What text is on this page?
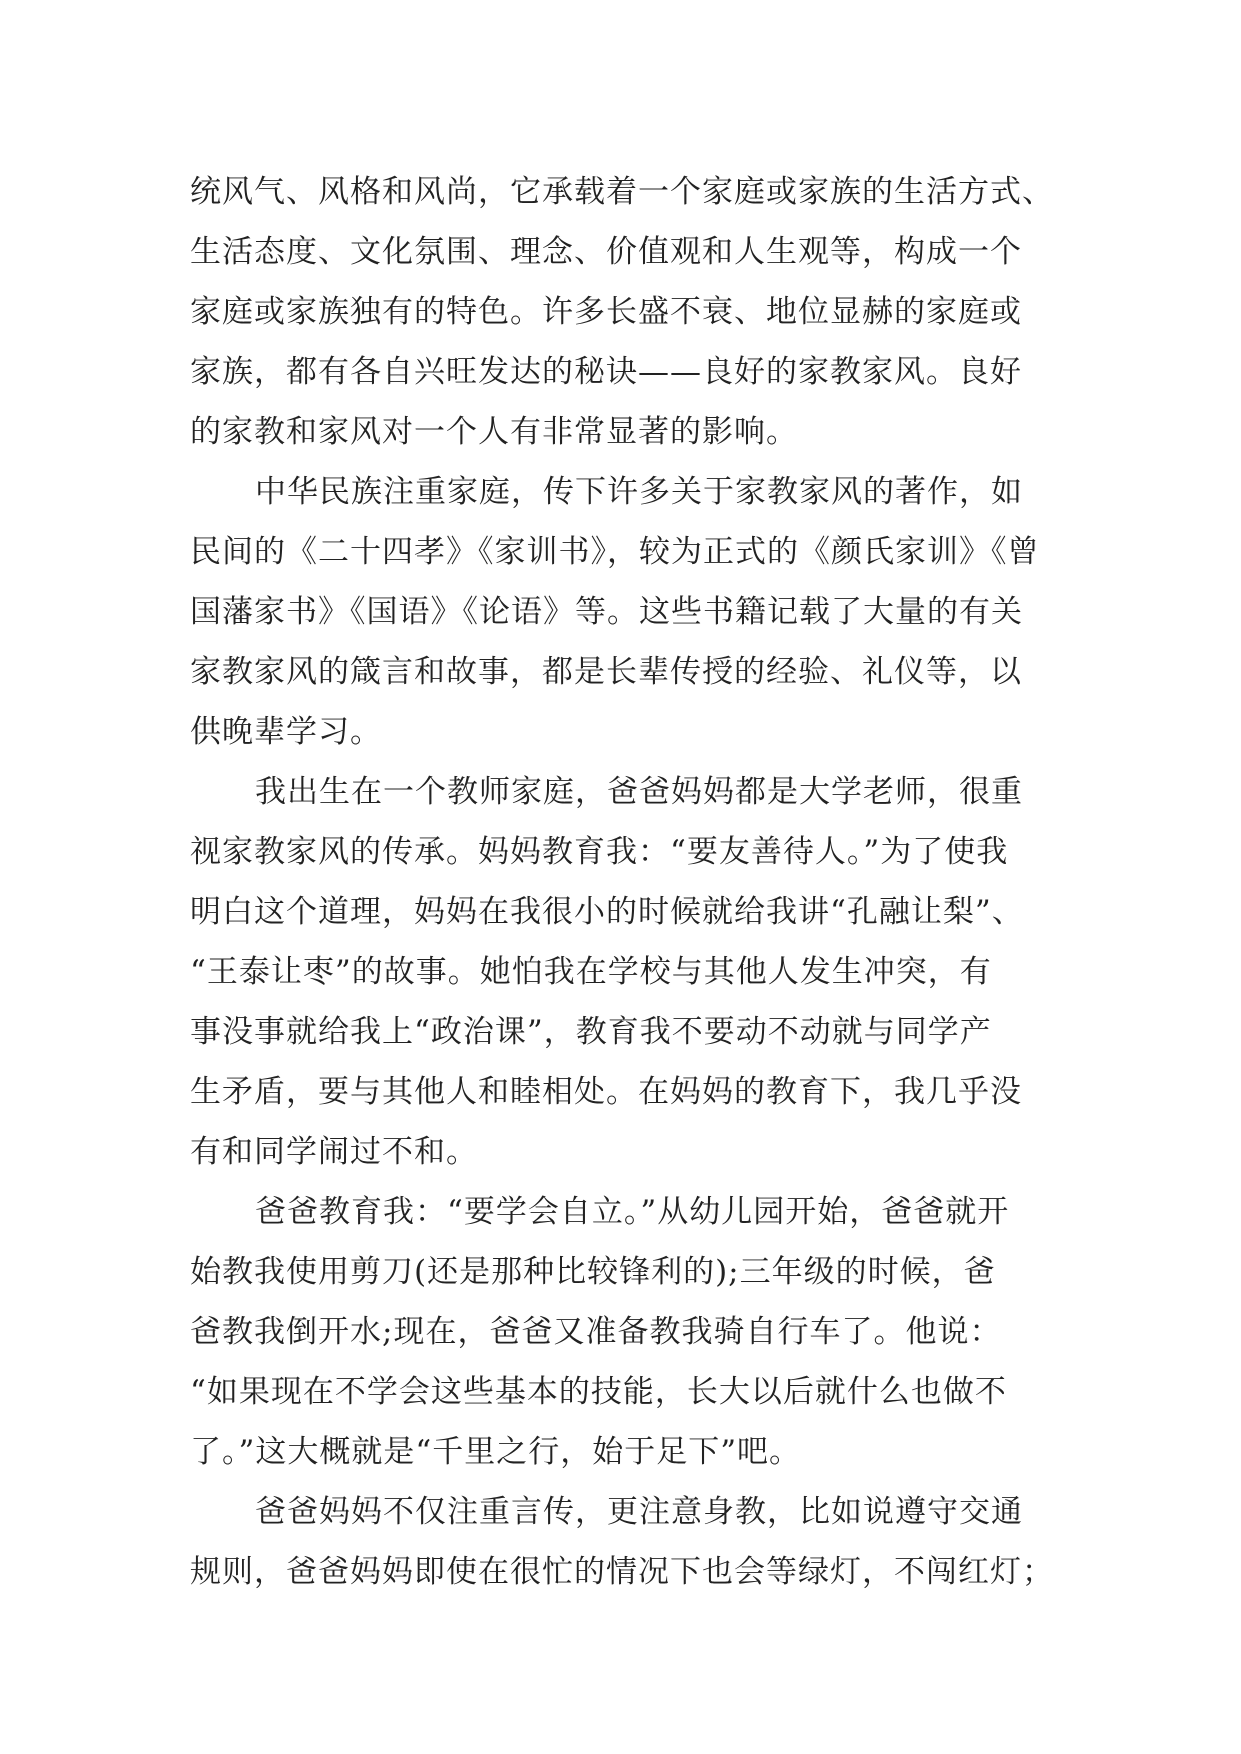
统风气、风格和风尚，它承载着一个家庭或家族的生活方式、
生活态度、文化氛围、理念、价值观和人生观等，构成一个
家庭或家族独有的特色。许多长盛不衰、地位显赫的家庭或
家族，都有各自兴旺发达的秘诀——良好的家教家风。良好
的家教和家风对一个人有非常显著的影响。
中华民族注重家庭，传下许多关于家教家风的著作，如
民间的《二十四孝》《家训书》，较为正式的《颜氏家训》《曾
国藩家书》《国语》《论语》等。这些书籍记载了大量的有关
家教家风的箴言和故事，都是长辈传授的经验、礼仪等，以
供晚辈学习。
我出生在一个教师家庭，爸爸妈妈都是大学老师，很重
视家教家风的传承。妈妈教育我：“要友善待人。”为了使我
明白这个道理，妈妈在我很小的时候就给我讲“孔融让梨”、
“王泰让枣”的故事。她怕我在学校与其他人发生冲突，有
事没事就给我上“政治课”，教育我不要动不动就与同学产
生矛盾，要与其他人和睦相处。在妈妈的教育下，我几乎没
有和同学闹过不和。
爸爸教育我：“要学会自立。”从幼儿园开始，爸爸就开
始教我使用剪刀(还是那种比较锋利的);三年级的时候，爸
爸教我倒开水;现在，爸爸又准备教我骑自行车了。他说：
“如果现在不学会这些基本的技能，长大以后就什么也做不
了。”这大概就是“千里之行，始于足下”吧。
爸爸妈妈不仅注重言传，更注意身教，比如说遵守交通
规则，爸爸妈妈即使在很忙的情况下也会等绿灯，不闯红灯；
